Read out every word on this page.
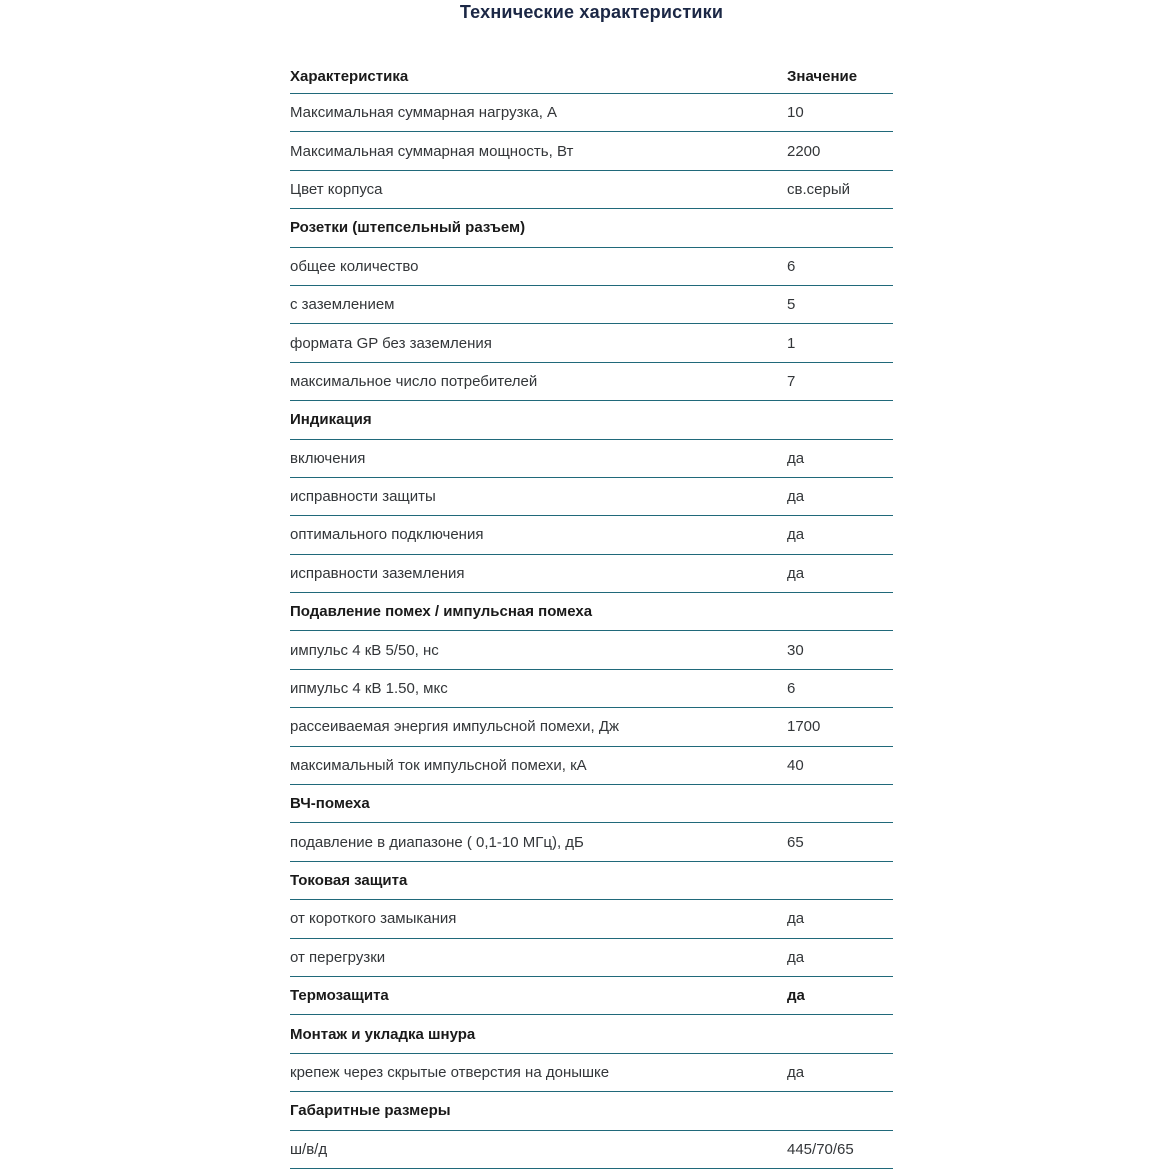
Технические характеристики
Характеристика	Значение
Максимальная суммарная нагрузка, А	10
Максимальная суммарная мощность, Вт	2200
Цвет корпуса	св.серый
Розетки (штепсельный разъем)	
общее количество	6
с заземлением	5
формата GP без заземления	1
максимальное число потребителей	7
Индикация	
включения	да
исправности защиты	да
оптимального подключения	да
исправности заземления	да
Подавление помех / импульсная помеха	
импульс 4 кВ 5/50, нс	30
ипмульс 4 кВ 1.50, мкс	6
рассеиваемая энергия импульсной помехи, Дж	1700
максимальный ток импульсной помехи, кА	40
ВЧ-помеха	
подавление в диапазоне ( 0,1-10 МГц), дБ	65
Токовая защита	
от короткого замыкания	да
от перегрузки	да
Термозащита	да
Монтаж и укладка шнура	
крепеж через скрытые отверстия на донышке	да
Габаритные размеры	
ш/в/д	445/70/65
